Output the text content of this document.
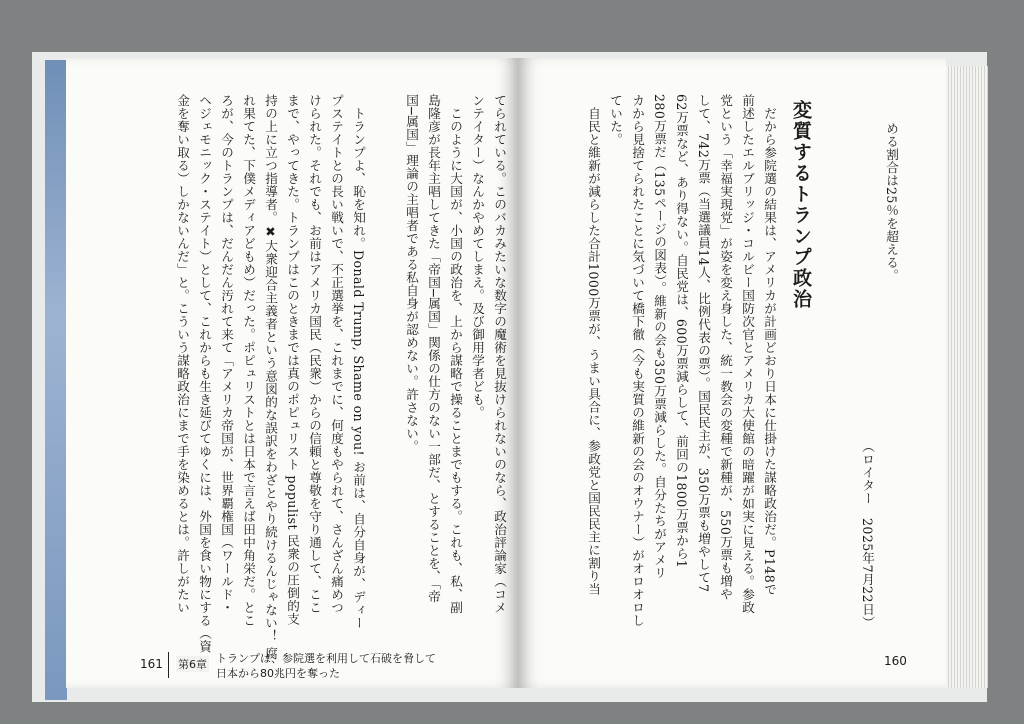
てられている。このバカみたいな数字の魔術を見抜けられないのなら、政治評論家（コメ
ンテイター）なんかやめてしまえ。及び御用学者ども。
　このように大国が、小国の政治を、上から謀略で操ることまでもする。これも、私、副
島隆彦が長年主唱してきた「帝国─属国」関係の仕方のない一部だ、とすることを、「帝
国─属国」理論の主唱者である私自身が認めない。許さない。
　トランプよ、恥を知れ。Donald Trump, Shame on you! お前は、自分自身が、ディー
プステイトとの長い戦いで、不正選挙を、これまでに、何度もやられて、さんざん痛めつ
けられた。それでも、お前はアメリカ国民（民衆）からの信頼と尊敬を守り通して、ここ
まで、やってきた。トランプはこのときまでは真のポピュリスト populist 民衆の圧倒的支
持の上に立つ指導者。✖大衆迎合主義者という意図的な誤訳をわざとやり続けるんじゃない！ 腐
れ果てた、下僕メディアどもめ）だった。ポピュリストとは日本で言えば田中角栄だ。とこ
ろが、今のトランプは、だんだん汚れて来て「アメリカ帝国が、世界覇権国（ワールド・
ヘジェモニック・ステイト）として、これからも生き延びてゆくには、外国を食い物にする（資
金を奪い取る）しかないんだ」と。こういう謀略政治にまで手を染めるとは。許しがたい
161 第6章 トランプは、参院選を利用して石破を脅して
日本から80兆円を奪った
める割合は25％を超える。
（ロイター　2025年7月22日）
変質するトランプ政治
　だから参院選の結果は、アメリカが計画どおり日本に仕掛けた謀略政治だ。P148で
前述したエルブリッジ・コルビー国防次官とアメリカ大使館の暗躍が如実に見える。参政
党という「幸福実現党」が姿を変え身した、統一教会の変種で新種が、550万票も増や
して、742万票（当選議員14人、比例代表の票）。国民民主が、350万票も増やして7
62万票など、あり得ない。自民党は、600万票減らして、前回の1800万票から1
280万票だ（135ページの図表）。維新の会も350万票減らした。自分たちがアメリ
カから見捨てられたことに気づいて橋下徹（今も実質の維新の会のオウナー）がオロオロし
ていた。
　自民と維新が減らした合計1000万票が、うまい具合に、参政党と国民民主に割り当
160
